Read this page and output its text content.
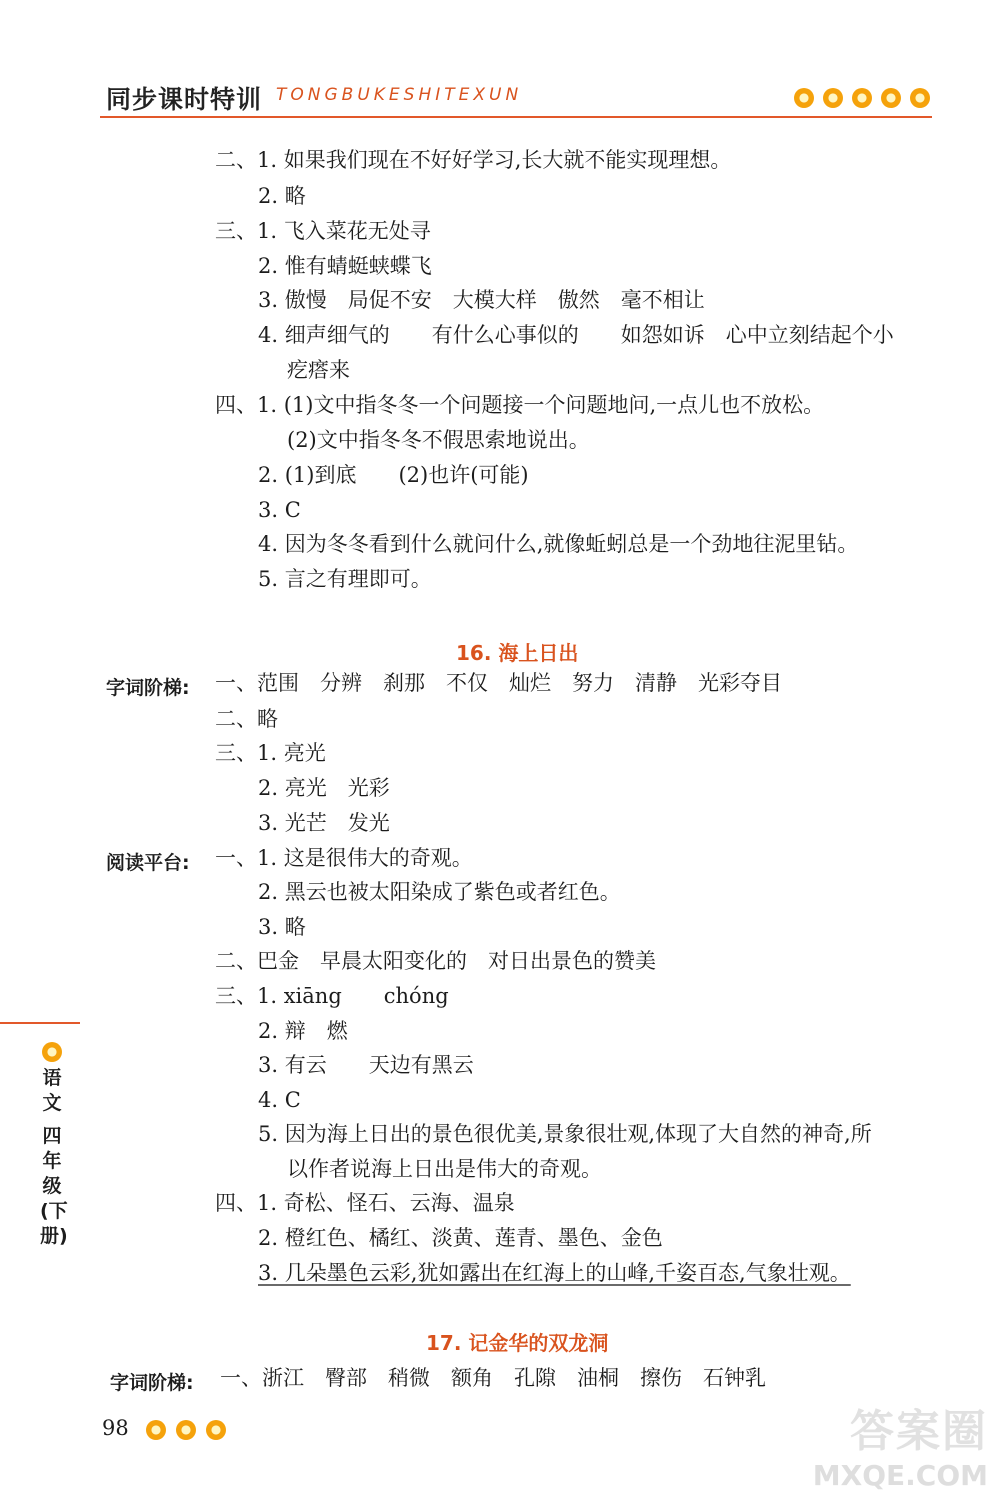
同步课时特训 TONGBUKESHITEXUN
二、1. 如果我们现在不好好学习,长大就不能实现理想。
2. 略
三、1. 飞入菜花无处寻
2. 惟有蜻蜓蛱蝶飞
3. 傲慢　局促不安　大模大样　傲然　毫不相让
4. 细声细气的　　有什么心事似的　　如怨如诉　心中立刻结起个小
疙瘩来
四、1. (1)文中指冬冬一个问题接一个问题地问,一点儿也不放松。
(2)文中指冬冬不假思索地说出。
2. (1)到底　　(2)也许(可能)
3. C
4. 因为冬冬看到什么就问什么,就像蚯蚓总是一个劲地往泥里钻。
5. 言之有理即可。
16. 海上日出
字词阶梯: 一、范围　分辨　刹那　不仅　灿烂　努力　清静　光彩夺目
二、略
三、1. 亮光
2. 亮光　光彩
3. 光芒　发光
阅读平台: 一、1. 这是很伟大的奇观。
2. 黑云也被太阳染成了紫色或者红色。
3. 略
二、巴金　早晨太阳变化的　对日出景色的赞美
三、1. xiāng　　chóng
2. 辩　燃
3. 有云　　天边有黑云
4. C
5. 因为海上日出的景色很优美,景象很壮观,体现了大自然的神奇,所
以作者说海上日出是伟大的奇观。
四、1. 奇松、怪石、云海、温泉
2. 橙红色、橘红、淡黄、莲青、墨色、金色
3. 几朵墨色云彩,犹如露出在红海上的山峰,千姿百态,气象壮观。
17. 记金华的双龙洞
字词阶梯: 一、浙江　臀部　稍微　额角　孔隙　油桐　擦伤　石钟乳
语文
四年级(下册)
98	答案圈
MXQE.COM
